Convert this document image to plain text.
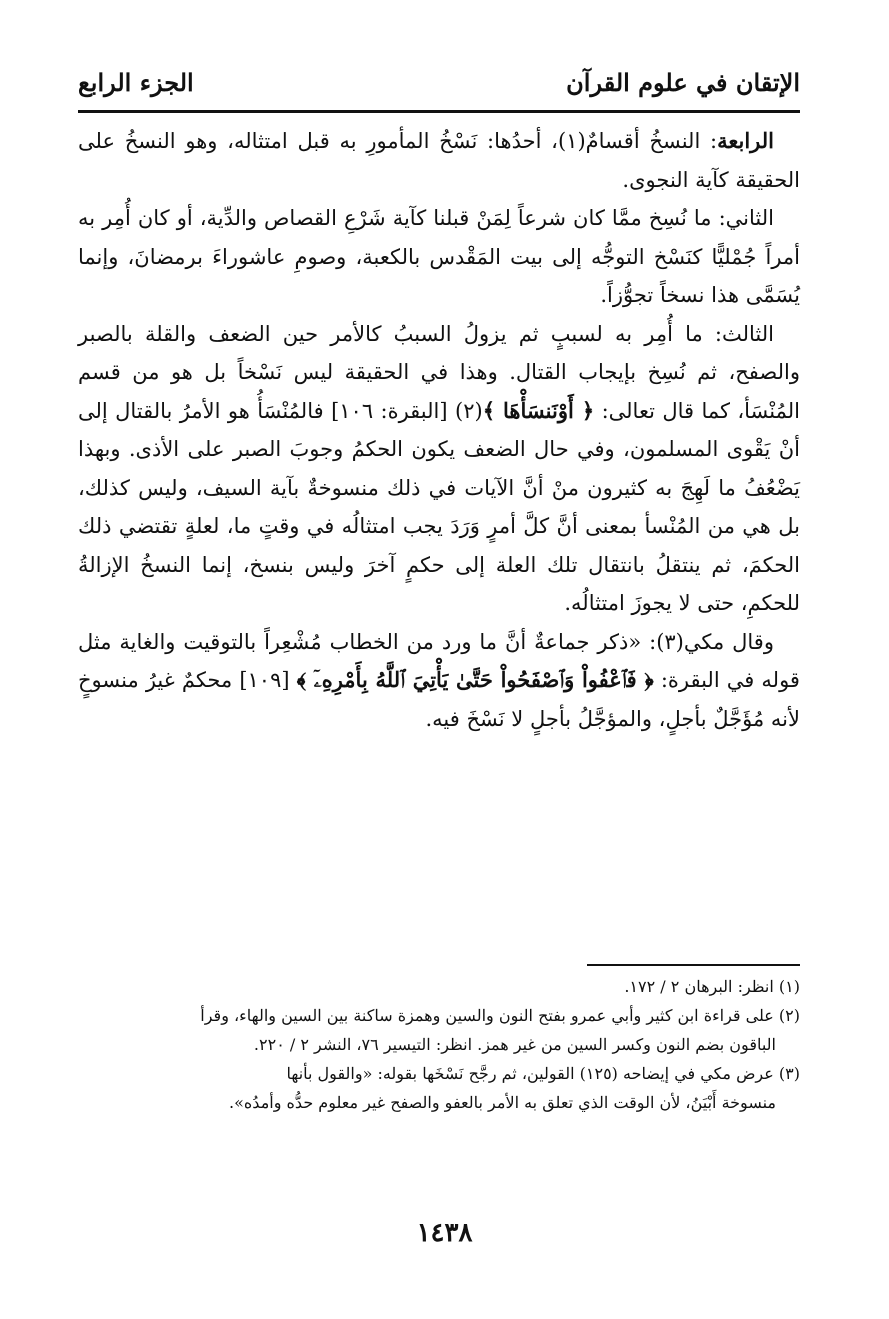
الإتقان في علوم القرآن
الجزء الرابع

الرابعة: النسخُ أقسامٌ(١)، أحدُها: نَسْخُ المأمورِ به قبل امتثاله، وهو النسخُ على الحقيقة كآية النجوى.

الثاني: ما نُسِخ ممَّا كان شرعاً لِمَنْ قبلنا كآية شَرْعِ القصاص والدِّية، أو كان أُمِر به أمراً جُمْليًّا كنَسْخ التوجُّه إلى بيت المَقْدس بالكعبة، وصومِ عاشوراءَ برمضانَ، وإنما يُسَمَّى هذا نسخاً تجوُّزاً.

الثالث: ما أُمِر به لسببٍ ثم يزولُ السببُ كالأمر حين الضعف والقلة بالصبر والصفح، ثم نُسِخ بإيجاب القتال. وهذا في الحقيقة ليس نَسْخاً بل هو من قسم المُنْسَأ، كما قال تعالى: ﴿ أَوْنَنسَأْهَا ﴾(٢) [البقرة: ١٠٦] فالمُنْسَأُ هو الأمرُ بالقتال إلى أنْ يَقْوى المسلمون، وفي حال الضعف يكون الحكمُ وجوبَ الصبر على الأذى. وبهذا يَضْعُفُ ما لَهِجَ به كثيرون منْ أنَّ الآيات في ذلك منسوخةٌ بآية السيف، وليس كذلك، بل هي من المُنْسأ بمعنى أنَّ كلَّ أمرٍ وَرَدَ يجب امتثالُه في وقتٍ ما، لعلةٍ تقتضي ذلك الحكمَ، ثم ينتقلُ بانتقال تلك العلة إلى حكمٍ آخرَ وليس بنسخ، إنما النسخُ الإزالةُ للحكمِ، حتى لا يجوزَ امتثالُه.

وقال مكي(٣): «ذكر جماعةٌ أنَّ ما ورد من الخطاب مُشْعِراً بالتوقيت والغاية مثل قوله في البقرة: ﴿ فَٱعْفُواْ وَٱصْفَحُواْ حَتَّىٰ يَأْتِيَ ٱللَّهُ بِأَمْرِهِۦٓ ﴾ [١٠٩] محكمٌ غيرُ منسوخٍ لأنه مُؤَجَّلٌ بأجلٍ، والمؤجَّلُ بأجلٍ لا نَسْخَ فيه.

(١) انظر: البرهان ٢ / ١٧٢.

(٢) على قراءة ابن كثير وأبي عمرو بفتح النون والسين وهمزة ساكنة بين السين والهاء، وقرأ

الباقون بضم النون وكسر السين من غير همز. انظر: التيسير ٧٦، النشر ٢ / ٢٢٠.

(٣) عرض مكي في إيضاحه (١٢٥) القولين، ثم رجَّح نَسْخَها بقوله: «والقول بأنها

منسوخة أَبْيَنُ، لأن الوقت الذي تعلق به الأمر بالعفو والصفح غير معلوم حدُّه وأمدُه».

١٤٣٨
